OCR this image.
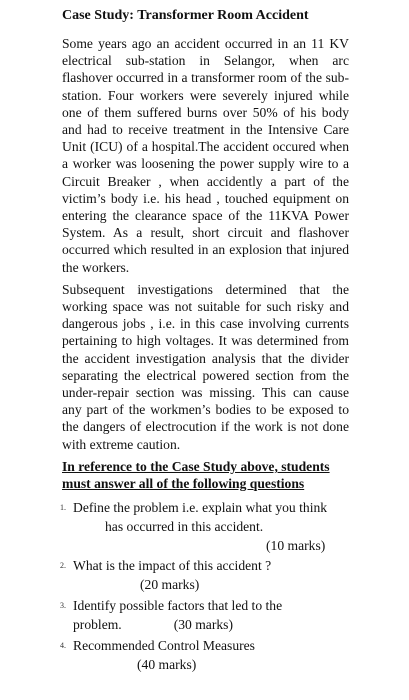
Case Study: Transformer Room Accident

Some years ago an accident occurred in an 11 KV electrical sub-station in Selangor, when arc flashover occurred in a transformer room of the sub-station. Four workers were severely injured while one of them suffered burns over 50% of his body and had to receive treatment in the Intensive Care Unit (ICU) of a hospital.The accident occured when a worker was loosening the power supply wire to a Circuit Breaker , when accidently a part of the victim’s body i.e. his head , touched equipment on entering the clearance space of the 11KVA Power System. As a result, short circuit and flashover occurred which resulted in an explosion that injured the workers.

Subsequent investigations determined that the working space was not suitable for such risky and dangerous jobs , i.e. in this case involving currents pertaining to high voltages. It was determined from the accident investigation analysis that the divider separating the electrical powered section from the under-repair section was missing. This can cause any part of the workmen’s bodies to be exposed to the dangers of electrocution if the work is not done with extreme caution.

In reference to the Case Study above, students must answer all of the following questions
1. Define the problem i.e. explain what you think
has occurred in this accident.
(10 marks)
2. What is the impact of this accident ?
(20 marks)
3. Identify possible factors that led to the
problem.	(30 marks)
4. Recommended Control Measures
(40 marks)
